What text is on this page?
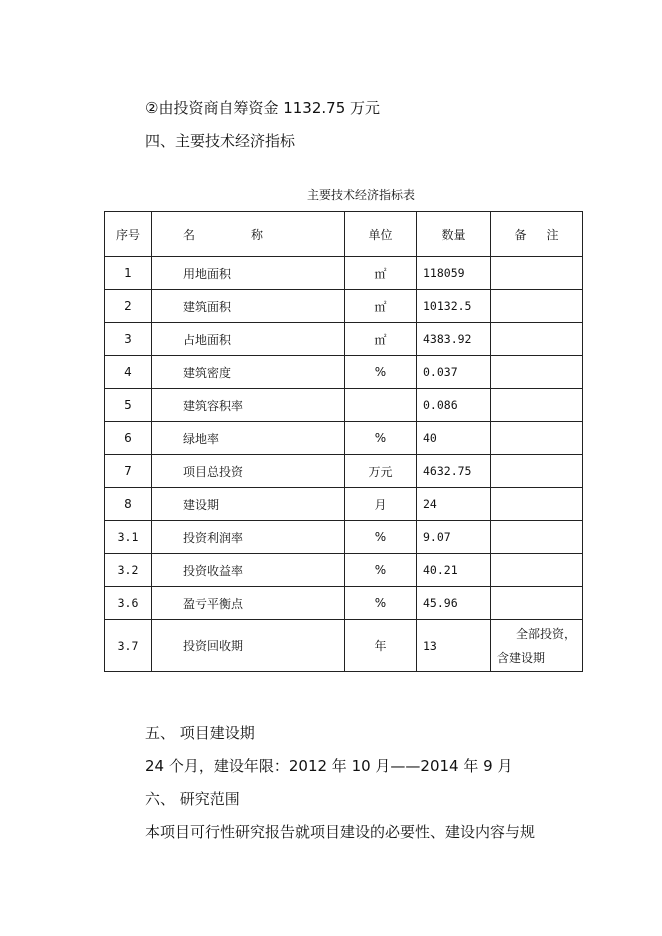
②由投资商自筹资金 1132.75 万元
四、主要技术经济指标
主要技术经济指标表
序号	名 称	单位	数量	备 注
1	用地面积	㎡	118059	
2	建筑面积	㎡	10132.5	
3	占地面积	㎡	4383.92	
4	建筑密度	%	0.037	
5	建筑容积率		0.086	
6	绿地率	%	40	
7	项目总投资	万元	4632.75	
8	建设期	月	24	
3.1	投资利润率	%	9.07	
3.2	投资收益率	%	40.21	
3.6	盈亏平衡点	%	45.96	
3.7	投资回收期	年	13	全部投资，
含建设期
五、 项目建设期
24 个月，建设年限：2012 年 10 月——2014 年 9 月
六、 研究范围
本项目可行性研究报告就项目建设的必要性、建设内容与规
